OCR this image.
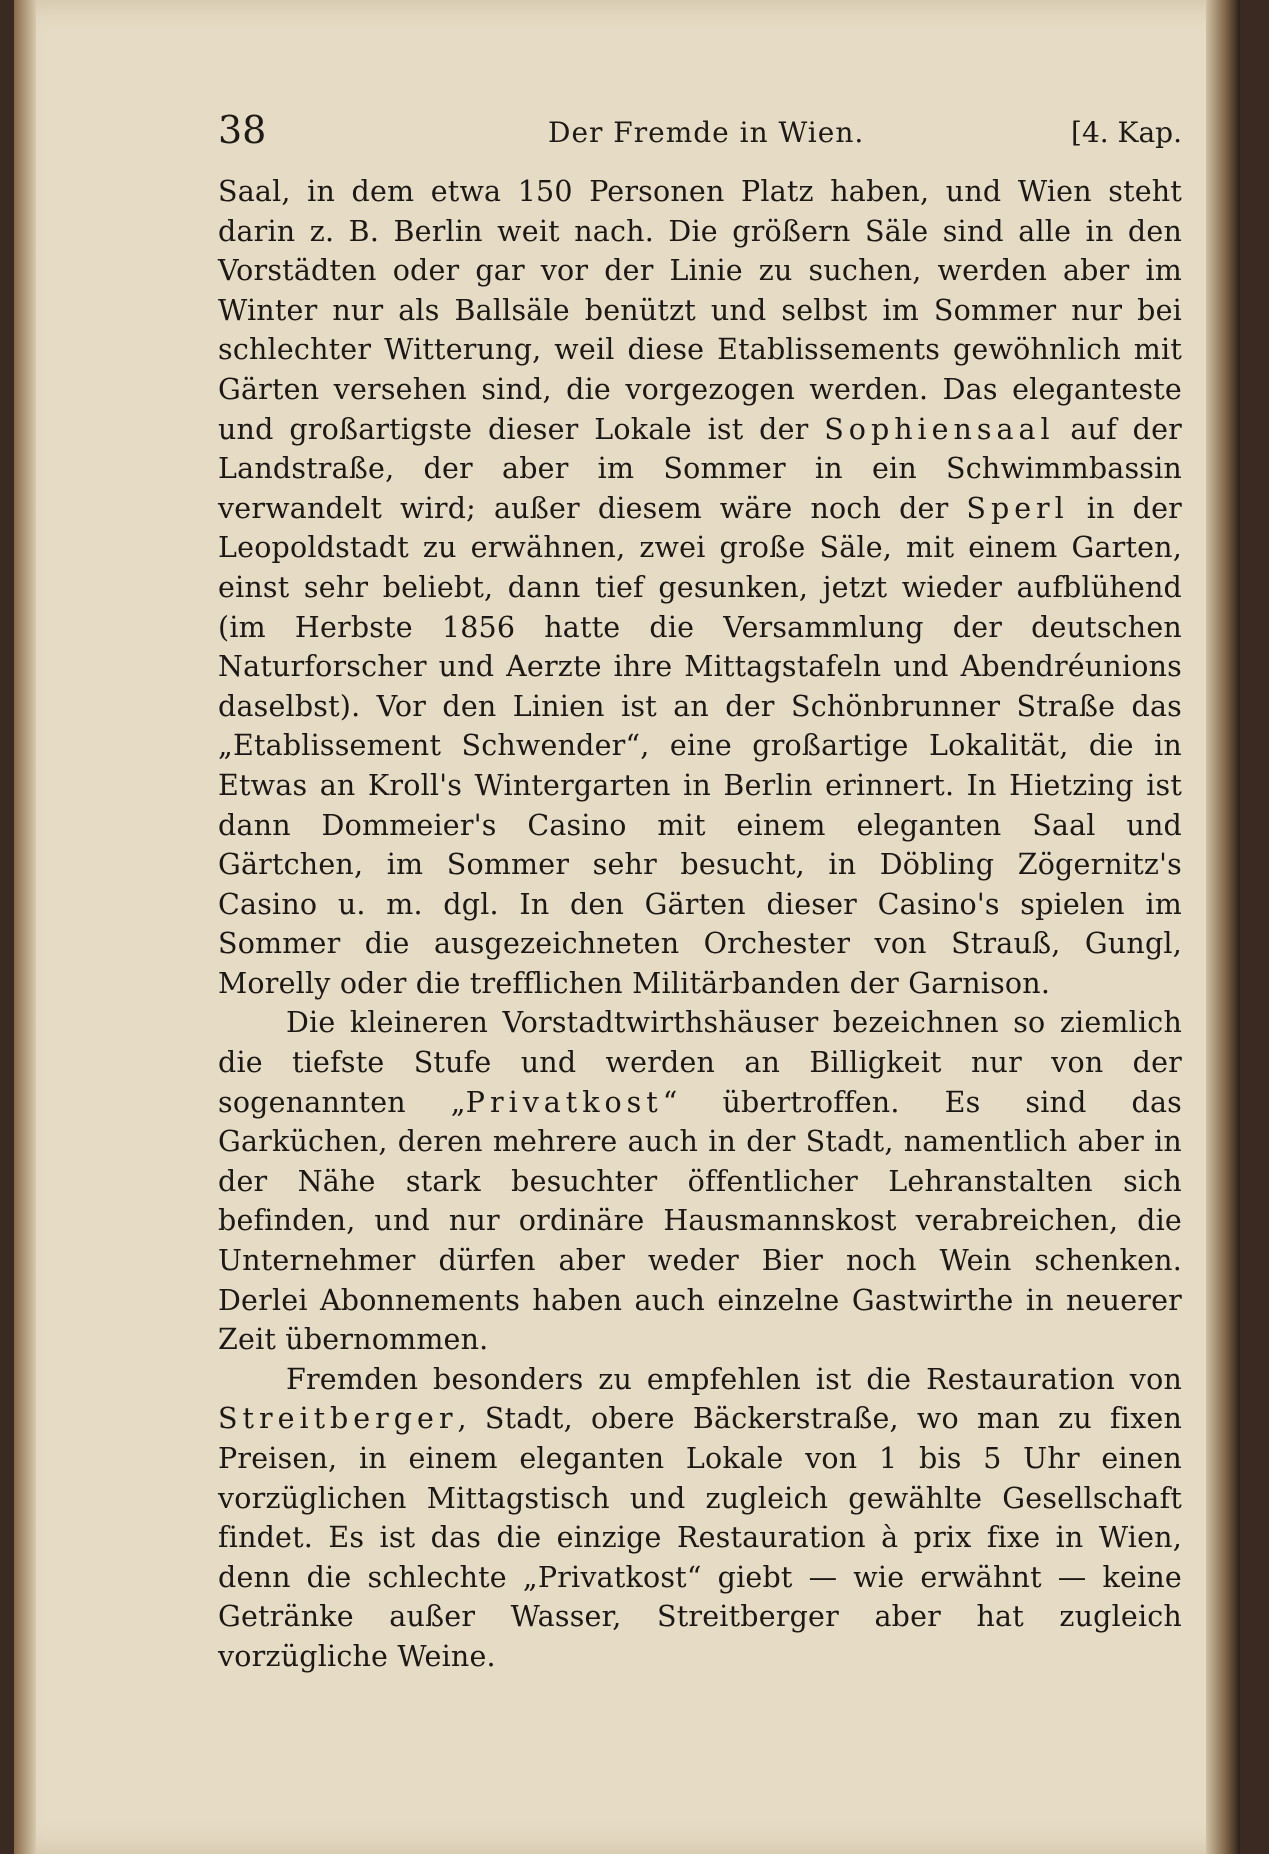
38	Der Fremde in Wien.	[4. Kap.

Saal, in dem etwa 150 Personen Platz haben, und Wien steht darin z. B. Berlin weit nach. Die größern Säle sind alle in den Vorstädten oder gar vor der Linie zu suchen, werden aber im Winter nur als Ballsäle benützt und selbst im Sommer nur bei schlechter Witterung, weil diese Etablissements gewöhnlich mit Gärten versehen sind, die vorgezogen werden. Das eleganteste und großartigste dieser Lokale ist der Sophiensaal auf der Landstraße, der aber im Sommer in ein Schwimmbassin verwandelt wird; außer diesem wäre noch der Sperl in der Leopoldstadt zu erwähnen, zwei große Säle, mit einem Garten, einst sehr beliebt, dann tief gesunken, jetzt wieder aufblühend (im Herbste 1856 hatte die Versammlung der deutschen Naturforscher und Aerzte ihre Mittagstafeln und Abendréunions daselbst). Vor den Linien ist an der Schönbrunner Straße das „Etablissement Schwender“, eine großartige Lokalität, die in Etwas an Kroll's Wintergarten in Berlin erinnert. In Hietzing ist dann Dommeier's Casino mit einem eleganten Saal und Gärtchen, im Sommer sehr besucht, in Döbling Zögernitz's Casino u. m. dgl. In den Gärten dieser Casino's spielen im Sommer die ausgezeichneten Orchester von Strauß, Gungl, Morelly oder die trefflichen Militärbanden der Garnison.

Die kleineren Vorstadtwirthshäuser bezeichnen so ziemlich die tiefste Stufe und werden an Billigkeit nur von der sogenannten „Privatkost“ übertroffen. Es sind das Garküchen, deren mehrere auch in der Stadt, namentlich aber in der Nähe stark besuchter öffentlicher Lehranstalten sich befinden, und nur ordinäre Hausmannskost verabreichen, die Unternehmer dürfen aber weder Bier noch Wein schenken. Derlei Abonnements haben auch einzelne Gastwirthe in neuerer Zeit übernommen.

Fremden besonders zu empfehlen ist die Restauration von Streitberger, Stadt, obere Bäckerstraße, wo man zu fixen Preisen, in einem eleganten Lokale von 1 bis 5 Uhr einen vorzüglichen Mittagstisch und zugleich gewählte Gesellschaft findet. Es ist das die einzige Restauration à prix fixe in Wien, denn die schlechte „Privatkost“ giebt — wie erwähnt — keine Getränke außer Wasser, Streitberger aber hat zugleich vorzügliche Weine.
